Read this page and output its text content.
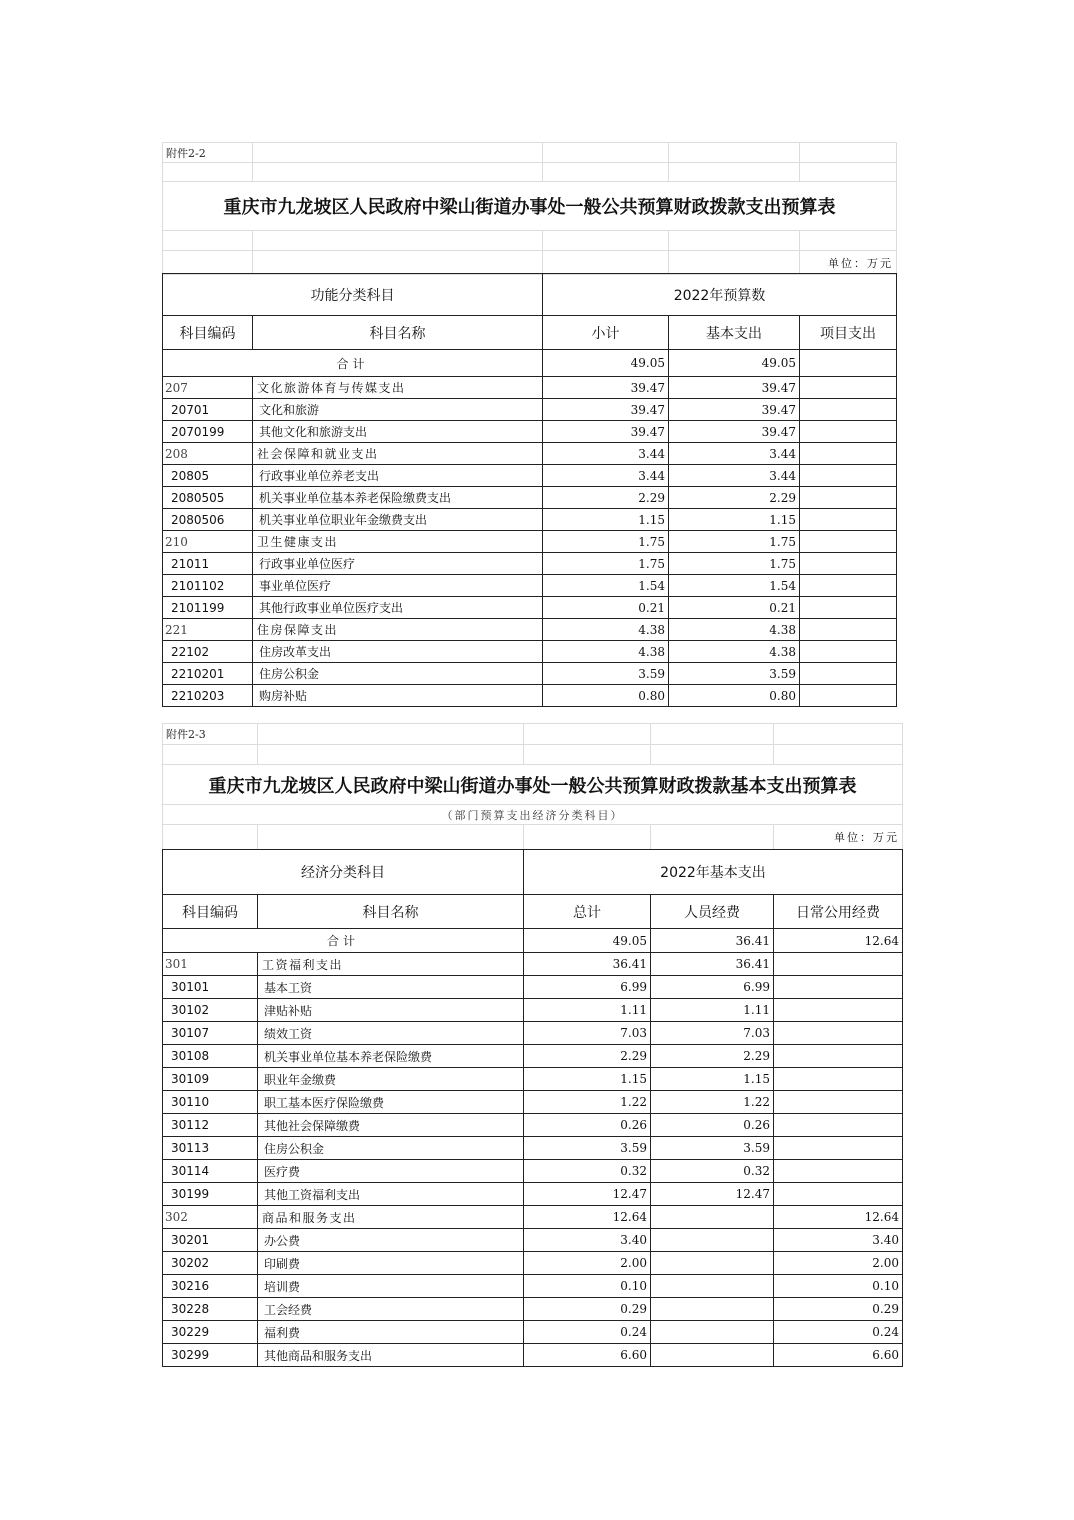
附件2-2				

重庆市九龙坡区人民政府中梁山街道办事处一般公共预算财政拨款支出预算表				

				单位：万元
功能分类科目		2022年预算数		
科目编码	科目名称	小计	基本支出	项目支出
合计		49.05	49.05	
207	文化旅游体育与传媒支出	39.47	39.47	
20701	文化和旅游	39.47	39.47	
2070199	其他文化和旅游支出	39.47	39.47	
208	社会保障和就业支出	3.44	3.44	
20805	行政事业单位养老支出	3.44	3.44	
2080505	机关事业单位基本养老保险缴费支出	2.29	2.29	
2080506	机关事业单位职业年金缴费支出	1.15	1.15	
210	卫生健康支出	1.75	1.75	
21011	行政事业单位医疗	1.75	1.75	
2101102	事业单位医疗	1.54	1.54	
2101199	其他行政事业单位医疗支出	0.21	0.21	
221	住房保障支出	4.38	4.38	
22102	住房改革支出	4.38	4.38	
2210201	住房公积金	3.59	3.59	
2210203	购房补贴	0.80	0.80	
附件2-3				

重庆市九龙坡区人民政府中梁山街道办事处一般公共预算财政拨款基本支出预算表				
（部门预算支出经济分类科目）				
				单位：万元
经济分类科目		2022年基本支出		
科目编码	科目名称	总计	人员经费	日常公用经费
合计		49.05	36.41	12.64
301	工资福利支出	36.41	36.41	
30101	基本工资	6.99	6.99	
30102	津贴补贴	1.11	1.11	
30107	绩效工资	7.03	7.03	
30108	机关事业单位基本养老保险缴费	2.29	2.29	
30109	职业年金缴费	1.15	1.15	
30110	职工基本医疗保险缴费	1.22	1.22	
30112	其他社会保障缴费	0.26	0.26	
30113	住房公积金	3.59	3.59	
30114	医疗费	0.32	0.32	
30199	其他工资福利支出	12.47	12.47	
302	商品和服务支出	12.64		12.64
30201	办公费	3.40		3.40
30202	印刷费	2.00		2.00
30216	培训费	0.10		0.10
30228	工会经费	0.29		0.29
30229	福利费	0.24		0.24
30299	其他商品和服务支出	6.60		6.60
